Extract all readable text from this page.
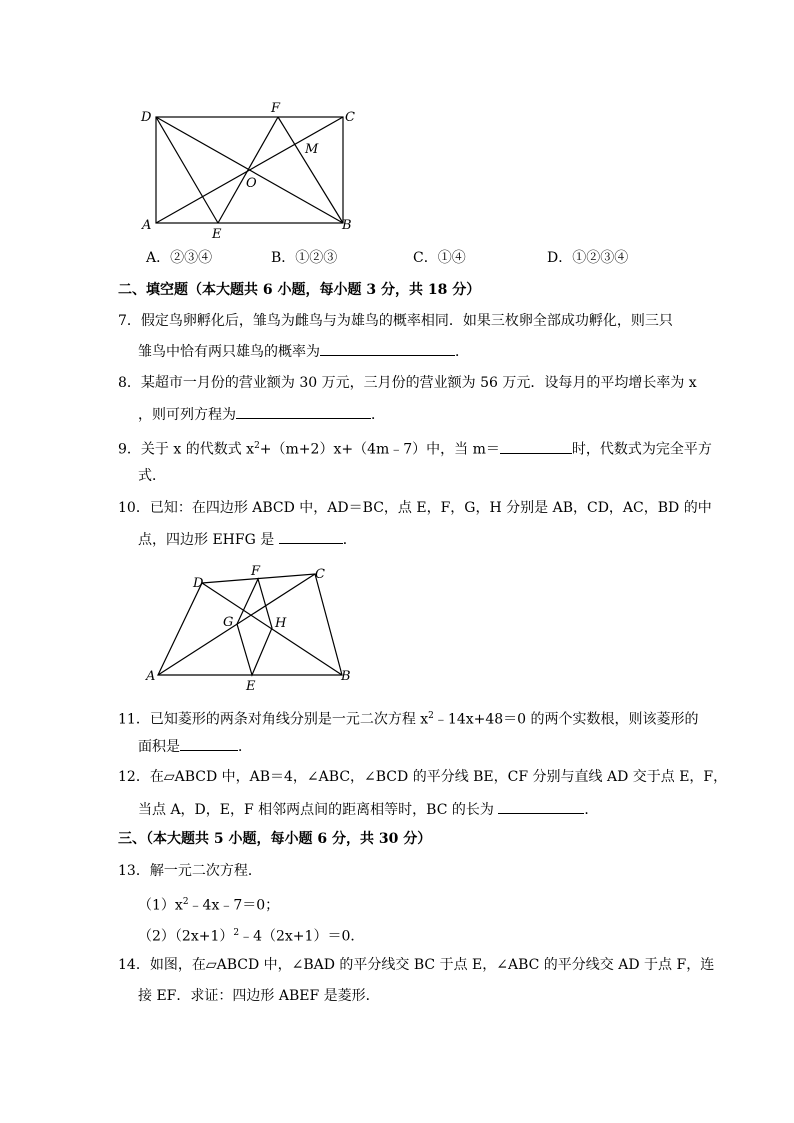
D
F
C
M
O
A
E
B
A．②③④	B．①②③	C．①④	D．①②③④
二、填空题（本大题共 6 小题，每小题 3 分，共 18 分）
7．假定鸟卵孵化后，雏鸟为雌鸟与为雄鸟的概率相同．如果三枚卵全部成功孵化，则三只
雏鸟中恰有两只雄鸟的概率为	．
8．某超市一月份的营业额为 30 万元，三月份的营业额为 56 万元．设每月的平均增长率为 x
，则可列方程为	．
9．关于 x 的代数式 $x^2+(m+2)x+(4m﹣7)$中，当 m＝	时，代数式为完全平方
式．
10．已知：在四边形 ABCD 中，AD＝BC，点 E，F，G，H 分别是 AB，CD，AC，BD 的中
点，四边形 EHFG 是	．
D
F	C
G	H
A
E
B
11．已知菱形的两条对角线分别是一元二次方程 $x^2﹣14x+48=0$ 的两个实数根，则该菱形的
面积是	．
12．在▱ABCD 中，AB＝4，∠ABC，∠BCD 的平分线 BE，CF 分别与直线 AD 交于点 E，F，
当点 A，D，E，F 相邻两点间的距离相等时，BC 的长为	．
三、（本大题共 5 小题，每小题 6 分，共 30 分）
13．解一元二次方程．
$(1)x^2﹣4x﹣7=0$；
$(2)(2x+1)^2﹣4(2x+1)=0$．
14．如图，在▱ABCD 中，∠BAD 的平分线交 BC 于点 E，∠ABC 的平分线交 AD 于点 F，连
接 EF．求证：四边形 ABEF 是菱形．
